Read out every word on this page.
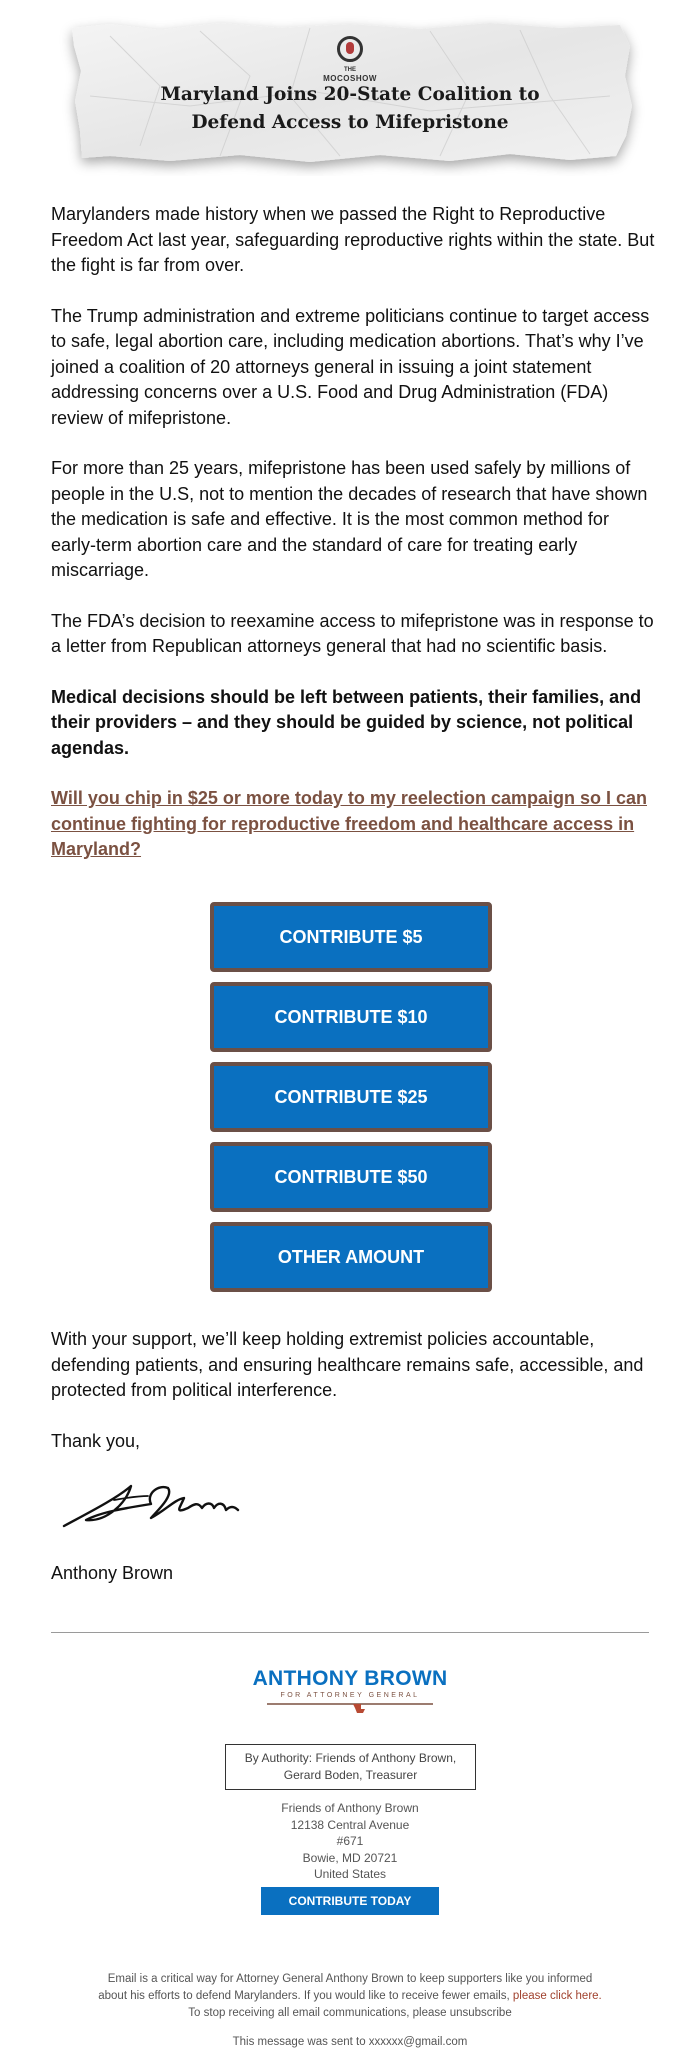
THE
MOCOSHOW
Maryland Joins 20-State Coalition to
Defend Access to Mifepristone

Marylanders made history when we passed the Right to Reproductive Freedom Act last year, safeguarding reproductive rights within the state. But the fight is far from over.

The Trump administration and extreme politicians continue to target access to safe, legal abortion care, including medication abortions. That’s why I’ve joined a coalition of 20 attorneys general in issuing a joint statement addressing concerns over a U.S. Food and Drug Administration (FDA) review of mifepristone.

For more than 25 years, mifepristone has been used safely by millions of people in the U.S, not to mention the decades of research that have shown the medication is safe and effective. It is the most common method for early-term abortion care and the standard of care for treating early miscarriage.

The FDA’s decision to reexamine access to mifepristone was in response to a letter from Republican attorneys general that had no scientific basis.

Medical decisions should be left between patients, their families, and their providers – and they should be guided by science, not political agendas.

Will you chip in $25 or more today to my reelection campaign so I can continue fighting for reproductive freedom and healthcare access in Maryland?

CONTRIBUTE $5
CONTRIBUTE $10
CONTRIBUTE $25
CONTRIBUTE $50
OTHER AMOUNT

With your support, we’ll keep holding extremist policies accountable, defending patients, and ensuring healthcare remains safe, accessible, and protected from political interference.

Thank you,

Anthony Brown
ANTHONY BROWN
FOR ATTORNEY GENERAL
By Authority: Friends of Anthony Brown,
Gerard Boden, Treasurer
Friends of Anthony Brown
12138 Central Avenue
#671
Bowie, MD 20721
United States
CONTRIBUTE TODAY
Email is a critical way for Attorney General Anthony Brown to keep supporters like you informed
about his efforts to defend Marylanders. If you would like to receive fewer emails, please click here.
To stop receiving all email communications, please unsubscribe
This message was sent to xxxxxx@gmail.com
